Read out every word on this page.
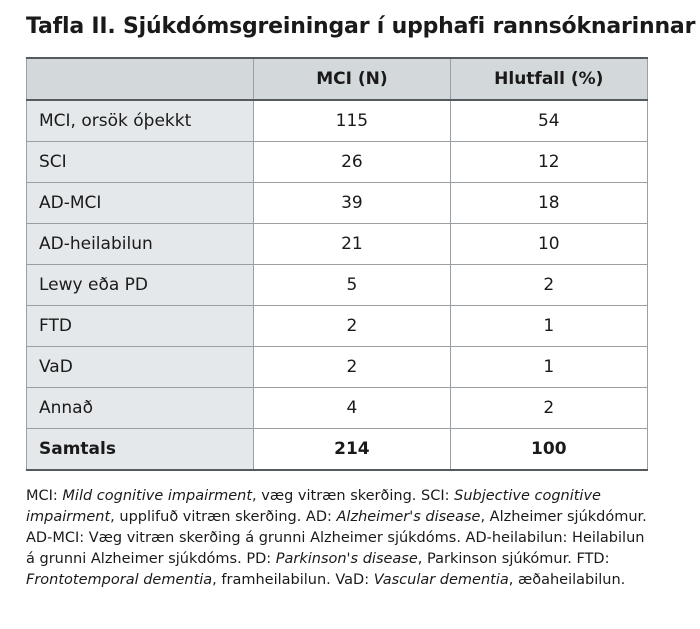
Tafla II. Sjúkdómsgreiningar í upphafi rannsóknarinnar
	MCI (N)	Hlutfall (%)
MCI, orsök óþekkt	115	54
SCI	26	12
AD-MCI	39	18
AD-heilabilun	21	10
Lewy eða PD	5	2
FTD	2	1
VaD	2	1
Annað	4	2
Samtals	214	100
MCI: Mild cognitive impairment, væg vitræn skerðing. SCI: Subjective cognitive impairment, upplifuð vitræn skerðing. AD: Alzheimer's disease, Alzheimer sjúkdómur. AD-MCI: Væg vitræn skerðing á grunni Alzheimer sjúkdóms. AD-heilabilun: Heilabilun á grunni Alzheimer sjúkdóms. PD: Parkinson's disease, Parkinson sjúkómur. FTD: Frontotemporal dementia, framheilabilun. VaD: Vascular dementia, æðaheilabilun.
